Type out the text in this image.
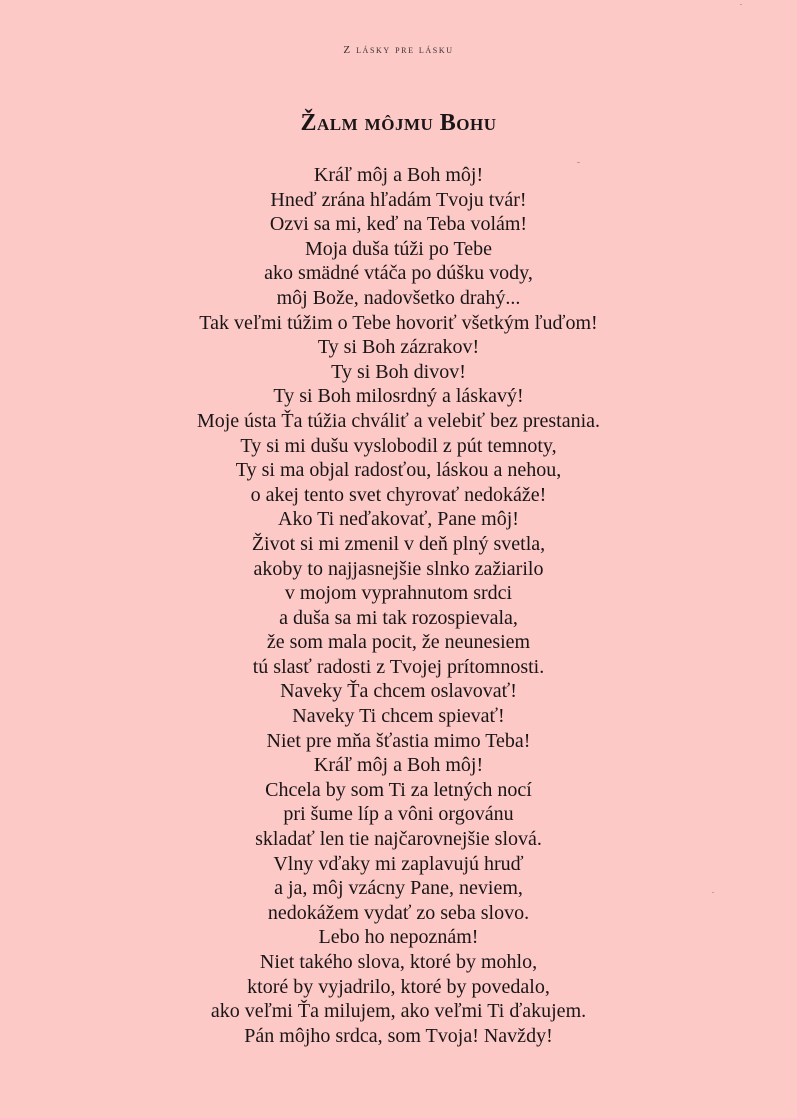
Z lásky pre lásku
Žalm môjmu Bohu
Kráľ môj a Boh môj!
Hneď zrána hľadám Tvoju tvár!
Ozvi sa mi, keď na Teba volám!
Moja duša túži po Tebe
ako smädné vtáča po dúšku vody,
môj Bože, nadovšetko drahý...
Tak veľmi túžim o Tebe hovoriť všetkým ľuďom!
Ty si Boh zázrakov!
Ty si Boh divov!
Ty si Boh milosrdný a láskavý!
Moje ústa Ťa túžia chváliť a velebiť bez prestania.
Ty si mi dušu vyslobodil z pút temnoty,
Ty si ma objal radosťou, láskou a nehou,
o akej tento svet chyrovať nedokáže!
Ako Ti neďakovať, Pane môj!
Život si mi zmenil v deň plný svetla,
akoby to najjasnejšie slnko zažiarilo
v mojom vyprahnutom srdci
a duša sa mi tak rozospievala,
že som mala pocit, že neunesiem
tú slasť radosti z Tvojej prítomnosti.
Naveky Ťa chcem oslavovať!
Naveky Ti chcem spievať!
Niet pre mňa šťastia mimo Teba!
Kráľ môj a Boh môj!
Chcela by som Ti za letných nocí
pri šume líp a vôni orgovánu
skladať len tie najčarovnejšie slová.
Vlny vďaky mi zaplavujú hruď
a ja, môj vzácny Pane, neviem,
nedokážem vydať zo seba slovo.
Lebo ho nepoznám!
Niet takého slova, ktoré by mohlo,
ktoré by vyjadrilo, ktoré by povedalo,
ako veľmi Ťa milujem, ako veľmi Ti ďakujem.
Pán môjho srdca, som Tvoja! Navždy!
